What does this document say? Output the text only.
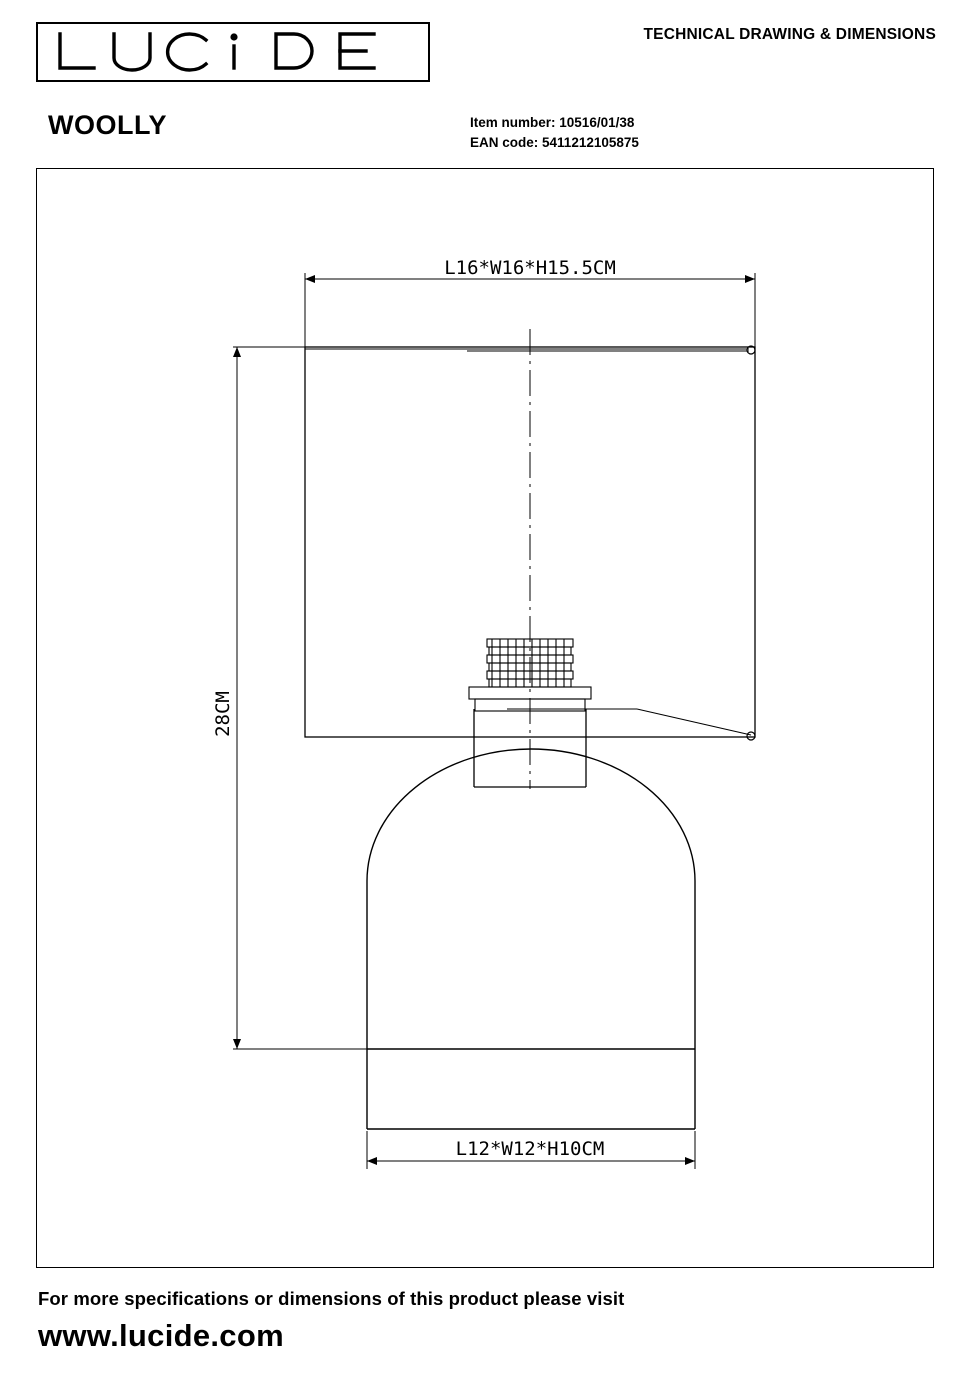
TECHNICAL DRAWING & DIMENSIONS
WOOLLY	Item number: 10516/01/38
EAN code: 5411212105875
L16*W16*H15.5CM
28CM
L12*W12*H10CM
For more specifications or dimensions of this product please visit
www.lucide.com
